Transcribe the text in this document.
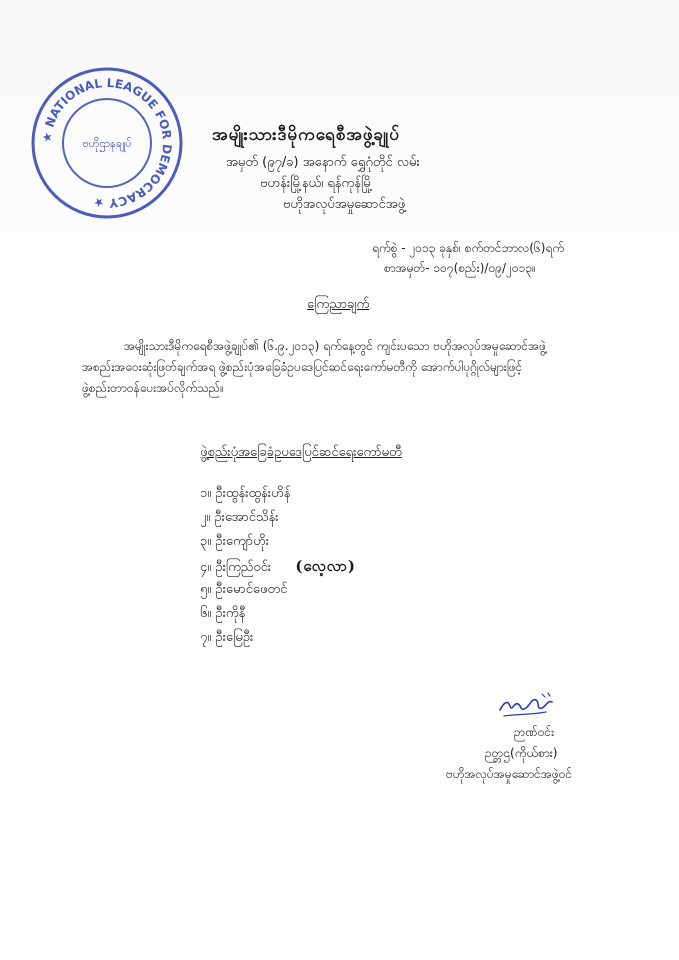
★ NATIONAL LEAGUE FOR DEMOCRACY ★
ဗဟိုဌာနချုပ်	အမျိုးသားဒီမိုကရေစီအဖွဲ့ချုပ်
အမှတ် (၉၇/ခ) အနောက် ရွှေဂုံတိုင် လမ်း
ဗဟန်းမြို့နယ်၊ ရန်ကုန်မြို့
ဗဟိုအလုပ်အမှုဆောင်အဖွဲ့
ရက်စွဲ - ၂၀၁၃ ခုနှစ်၊ စက်တင်ဘာလ(၆)ရက်
စာအမှတ်- ၁၀၇(စည်း)/၀၉/၂၀၁၃။
ကြေညာချက်
အမျိုးသားဒီမိုကရေစီအဖွဲ့ချုပ်၏ (၆.၉.၂၀၁၃) ရက်နေ့တွင် ကျင်းပသော ဗဟိုအလုပ်အမှုဆောင်အဖွဲ့
အစည်းအဝေးဆုံးဖြတ်ချက်အရ ဖွဲ့စည်းပုံအခြေခံဥပဒေပြင်ဆင်ရေးကော်မတီကို အောက်ပါပုဂ္ဂိုလ်များဖြင့်
ဖွဲ့စည်းတာဝန်ပေးအပ်လိုက်သည်။
ဖွဲ့စည်းပုံအခြေခံဥပဒေပြင်ဆင်ရေးကော်မတီ
၁။ ဦးထွန်းထွန်းဟိန်
၂။ ဦးအောင်သိန်း
၃။ ဦးကျော်ဟိုး
၄။ ဦးကြည်ဝင်း (လေ့လာ)
၅။ ဦးမောင်ဖေတင်
၆။ ဦးကိုနီ
၇။ ဦးမြေဦး
ဉာဏ်ဝင်း
ဉတ္တဌ(ကိုယ်စား)
ဗဟိုအလုပ်အမှုဆောင်အဖွဲ့ဝင်
